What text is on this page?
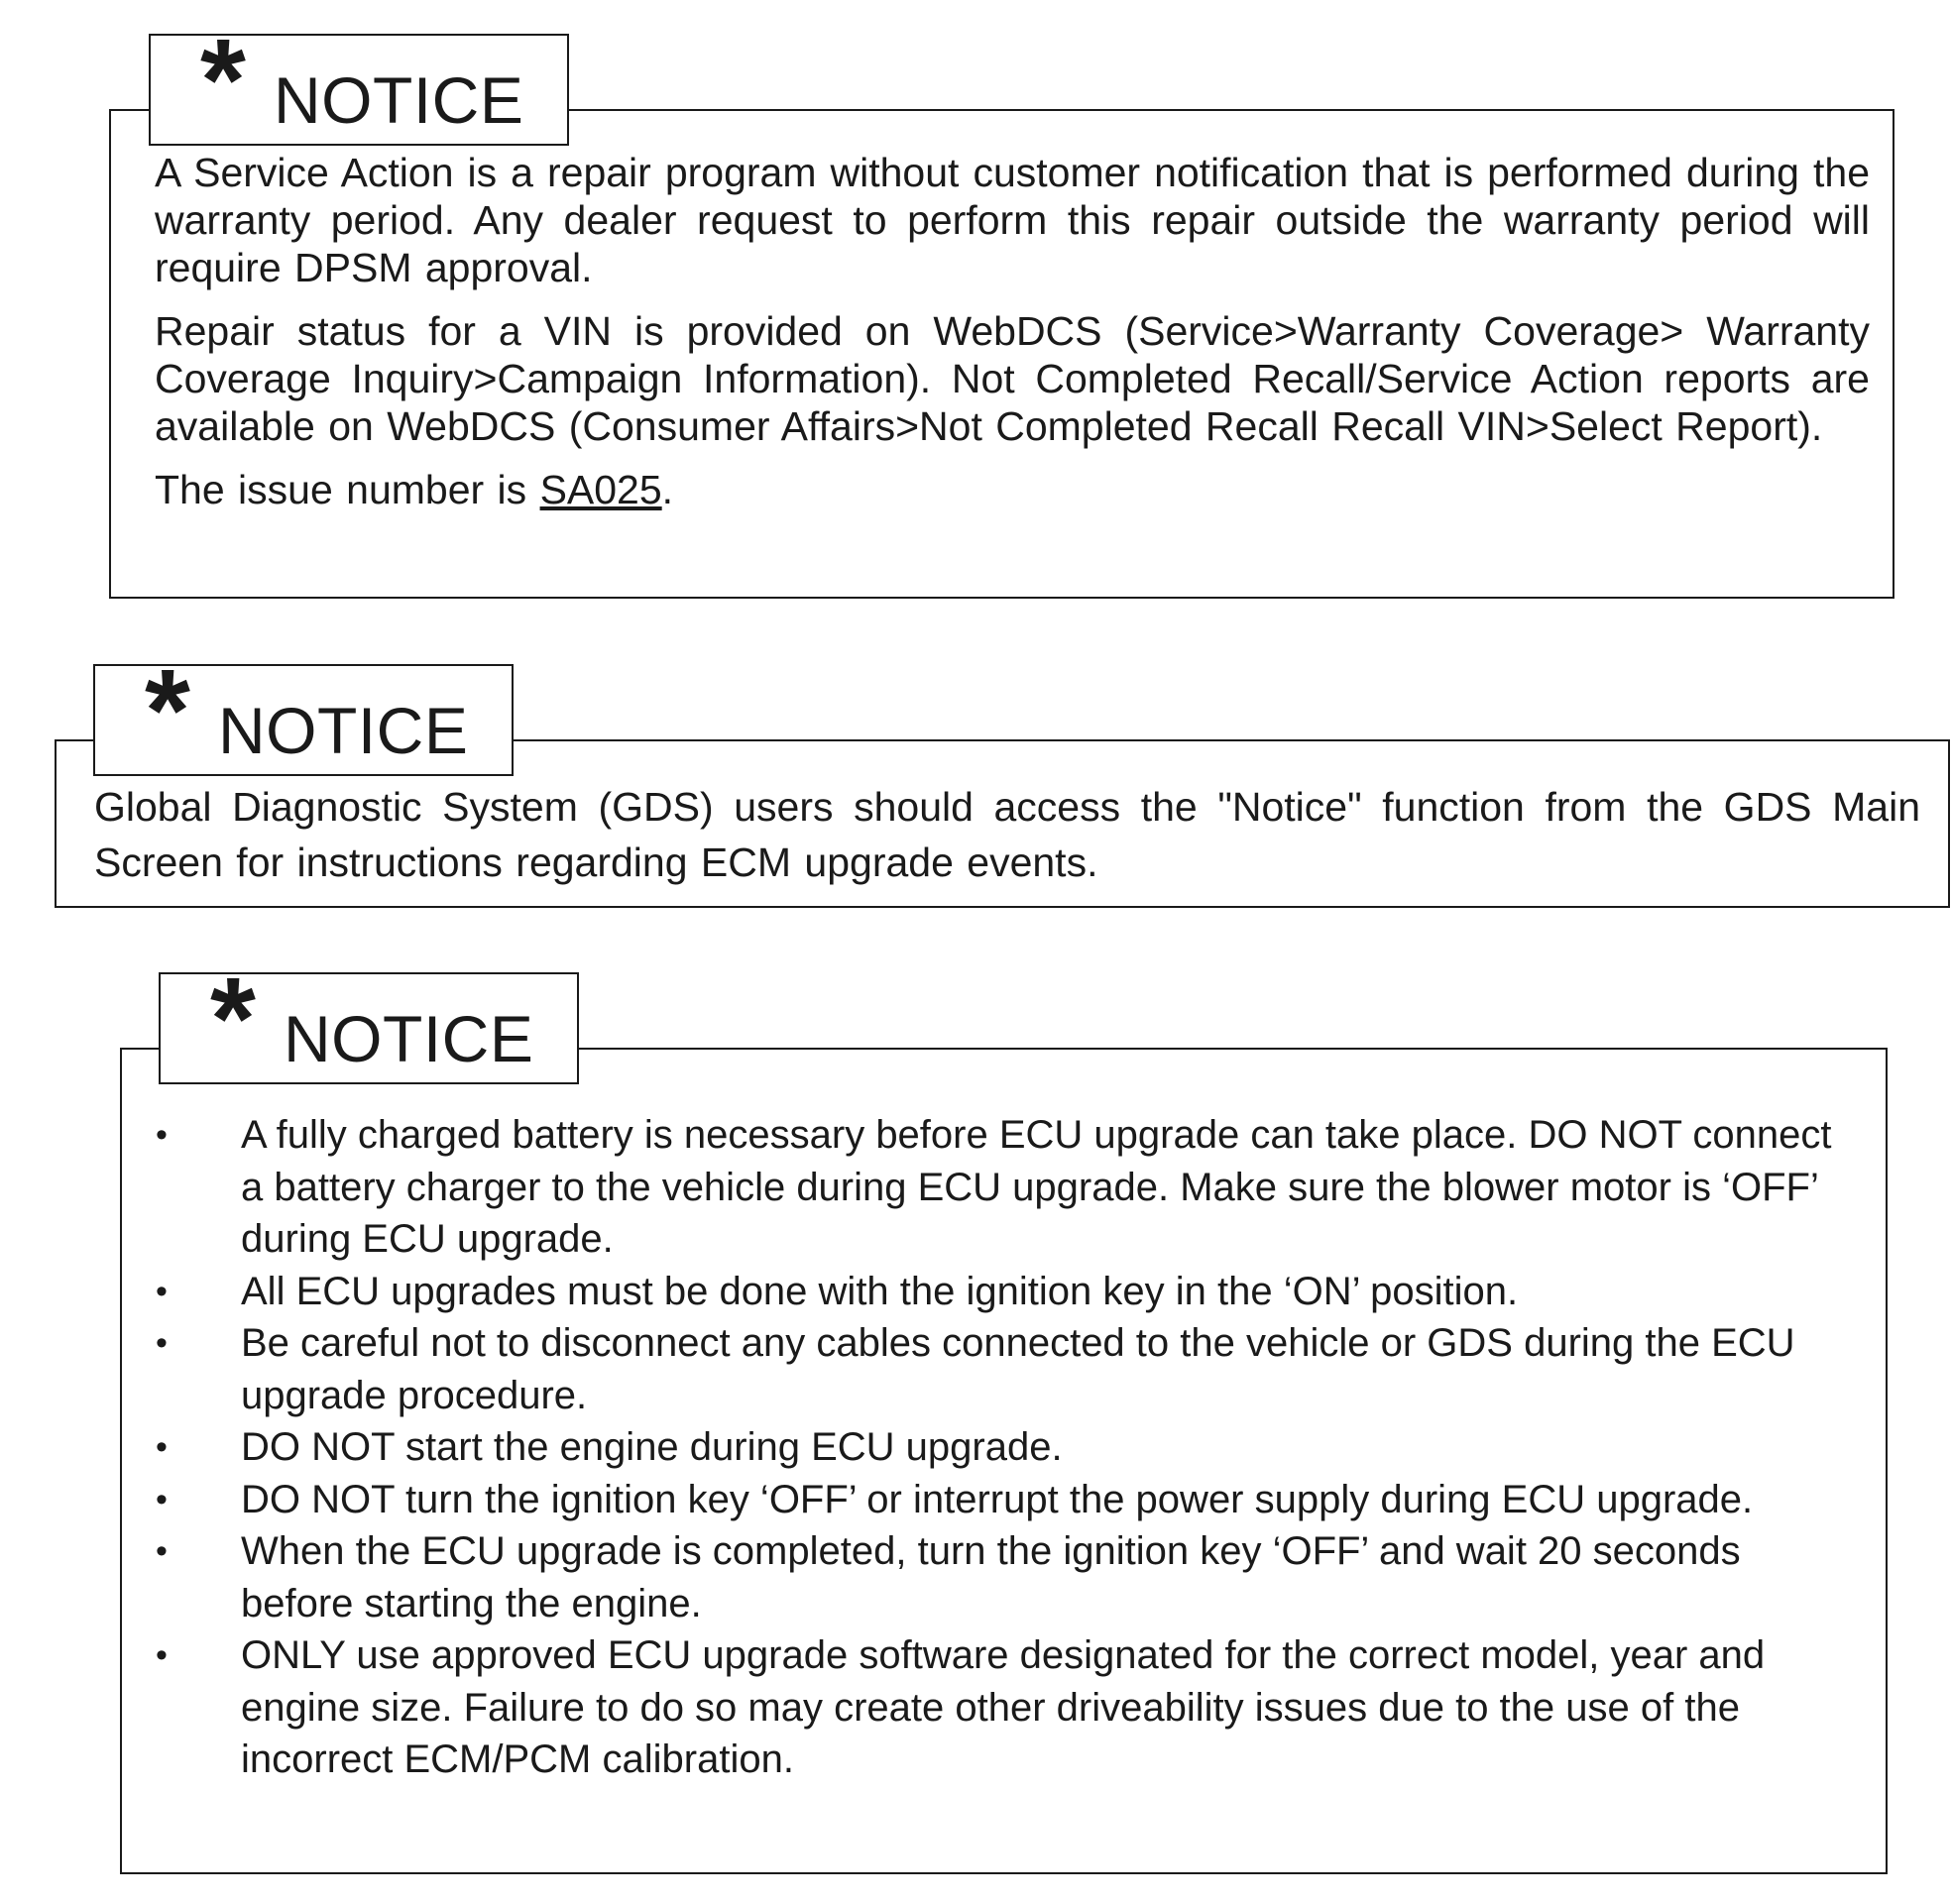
A Service Action is a repair program without customer notification that is performed during the warranty period. Any dealer request to perform this repair outside the warranty period will require DPSM approval.

Repair status for a VIN is provided on WebDCS (Service>Warranty Coverage> Warranty Coverage Inquiry>Campaign Information). Not Completed Recall/Service Action reports are available on WebDCS (Consumer Affairs>Not Completed Recall Recall VIN>Select Report).

The issue number is SA025.

* NOTICE

Global Diagnostic System (GDS) users should access the "Notice" function from the GDS Main Screen for instructions regarding ECM upgrade events.

* NOTICE
• A fully charged battery is necessary before ECU upgrade can take place. DO NOT connect a battery charger to the vehicle during ECU upgrade. Make sure the blower motor is ‘OFF’ during ECU upgrade.
• All ECU upgrades must be done with the ignition key in the ‘ON’ position.
• Be careful not to disconnect any cables connected to the vehicle or GDS during the ECU upgrade procedure.
• DO NOT start the engine during ECU upgrade.
• DO NOT turn the ignition key ‘OFF’ or interrupt the power supply during ECU upgrade.
• When the ECU upgrade is completed, turn the ignition key ‘OFF’ and wait 20 seconds before starting the engine.
• ONLY use approved ECU upgrade software designated for the correct model, year and engine size. Failure to do so may create other driveability issues due to the use of the incorrect ECM/PCM calibration.
* NOTICE
